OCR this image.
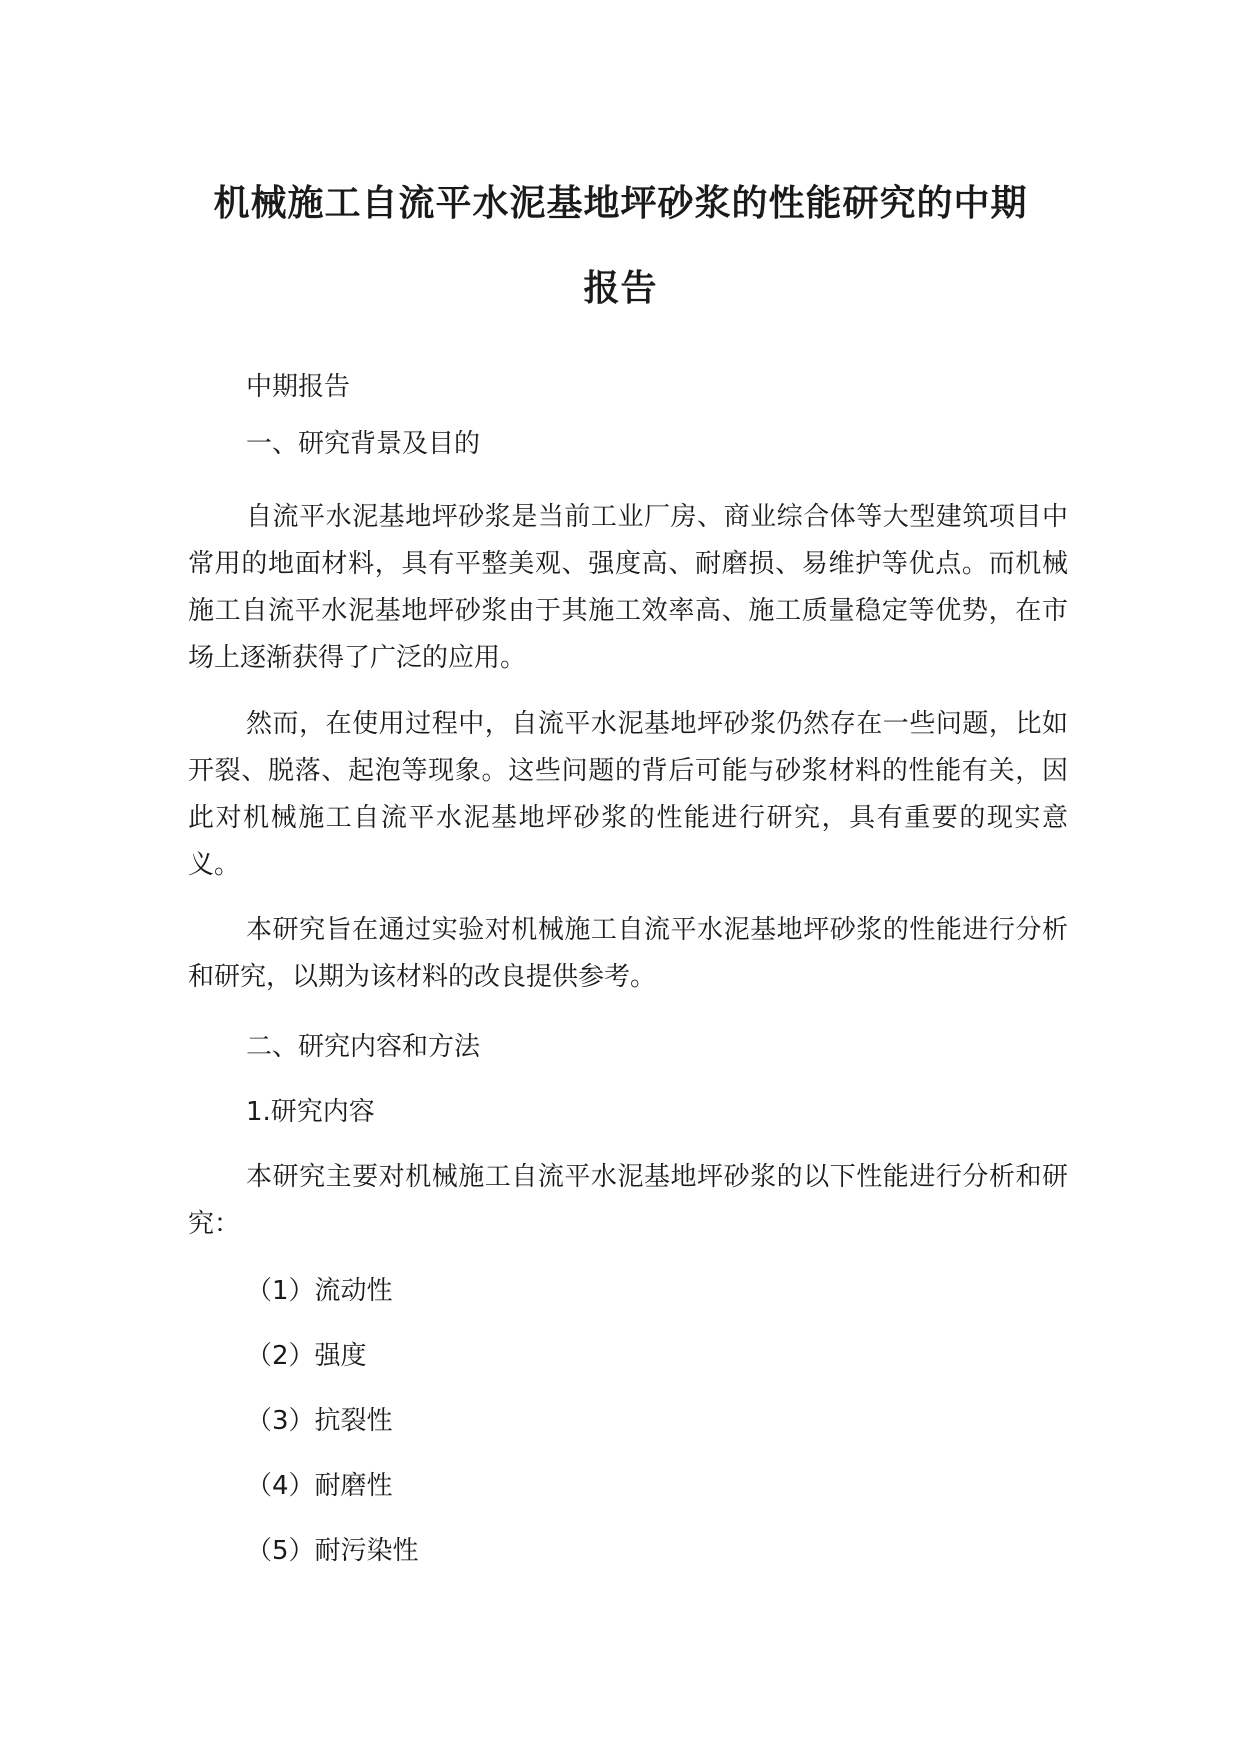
机械施工自流平水泥基地坪砂浆的性能研究的中期
报告

中期报告

一、研究背景及目的

自流平水泥基地坪砂浆是当前工业厂房、商业综合体等大型建筑项目中常用的地面材料，具有平整美观、强度高、耐磨损、易维护等优点。而机械施工自流平水泥基地坪砂浆由于其施工效率高、施工质量稳定等优势，在市场上逐渐获得了广泛的应用。

然而，在使用过程中，自流平水泥基地坪砂浆仍然存在一些问题，比如开裂、脱落、起泡等现象。这些问题的背后可能与砂浆材料的性能有关，因此对机械施工自流平水泥基地坪砂浆的性能进行研究，具有重要的现实意义。

本研究旨在通过实验对机械施工自流平水泥基地坪砂浆的性能进行分析和研究，以期为该材料的改良提供参考。

二、研究内容和方法

1.研究内容

本研究主要对机械施工自流平水泥基地坪砂浆的以下性能进行分析和研究：

（1）流动性

（2）强度

（3）抗裂性

（4）耐磨性

（5）耐污染性
